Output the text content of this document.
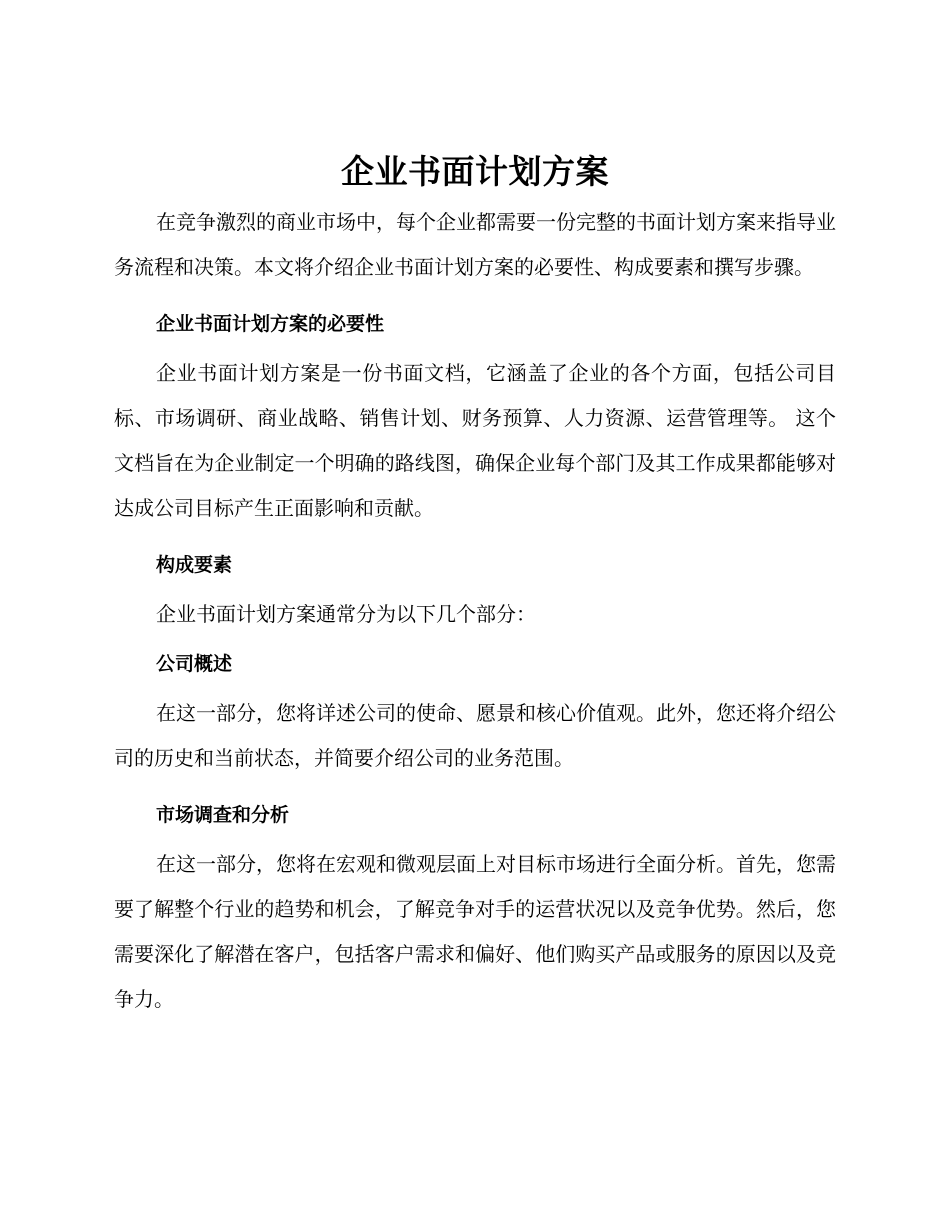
企业书面计划方案

在竞争激烈的商业市场中，每个企业都需要一份完整的书面计划方案来指导业务流程和决策。本文将介绍企业书面计划方案的必要性、构成要素和撰写步骤。

企业书面计划方案的必要性

企业书面计划方案是一份书面文档，它涵盖了企业的各个方面，包括公司目标、市场调研、商业战略、销售计划、财务预算、人力资源、运营管理等。 这个文档旨在为企业制定一个明确的路线图，确保企业每个部门及其工作成果都能够对达成公司目标产生正面影响和贡献。

构成要素

企业书面计划方案通常分为以下几个部分：

公司概述

在这一部分，您将详述公司的使命、愿景和核心价值观。此外，您还将介绍公司的历史和当前状态，并简要介绍公司的业务范围。

市场调查和分析

在这一部分，您将在宏观和微观层面上对目标市场进行全面分析。首先，您需要了解整个行业的趋势和机会，了解竞争对手的运营状况以及竞争优势。然后，您需要深化了解潜在客户，包括客户需求和偏好、他们购买产品或服务的原因以及竞争力。
